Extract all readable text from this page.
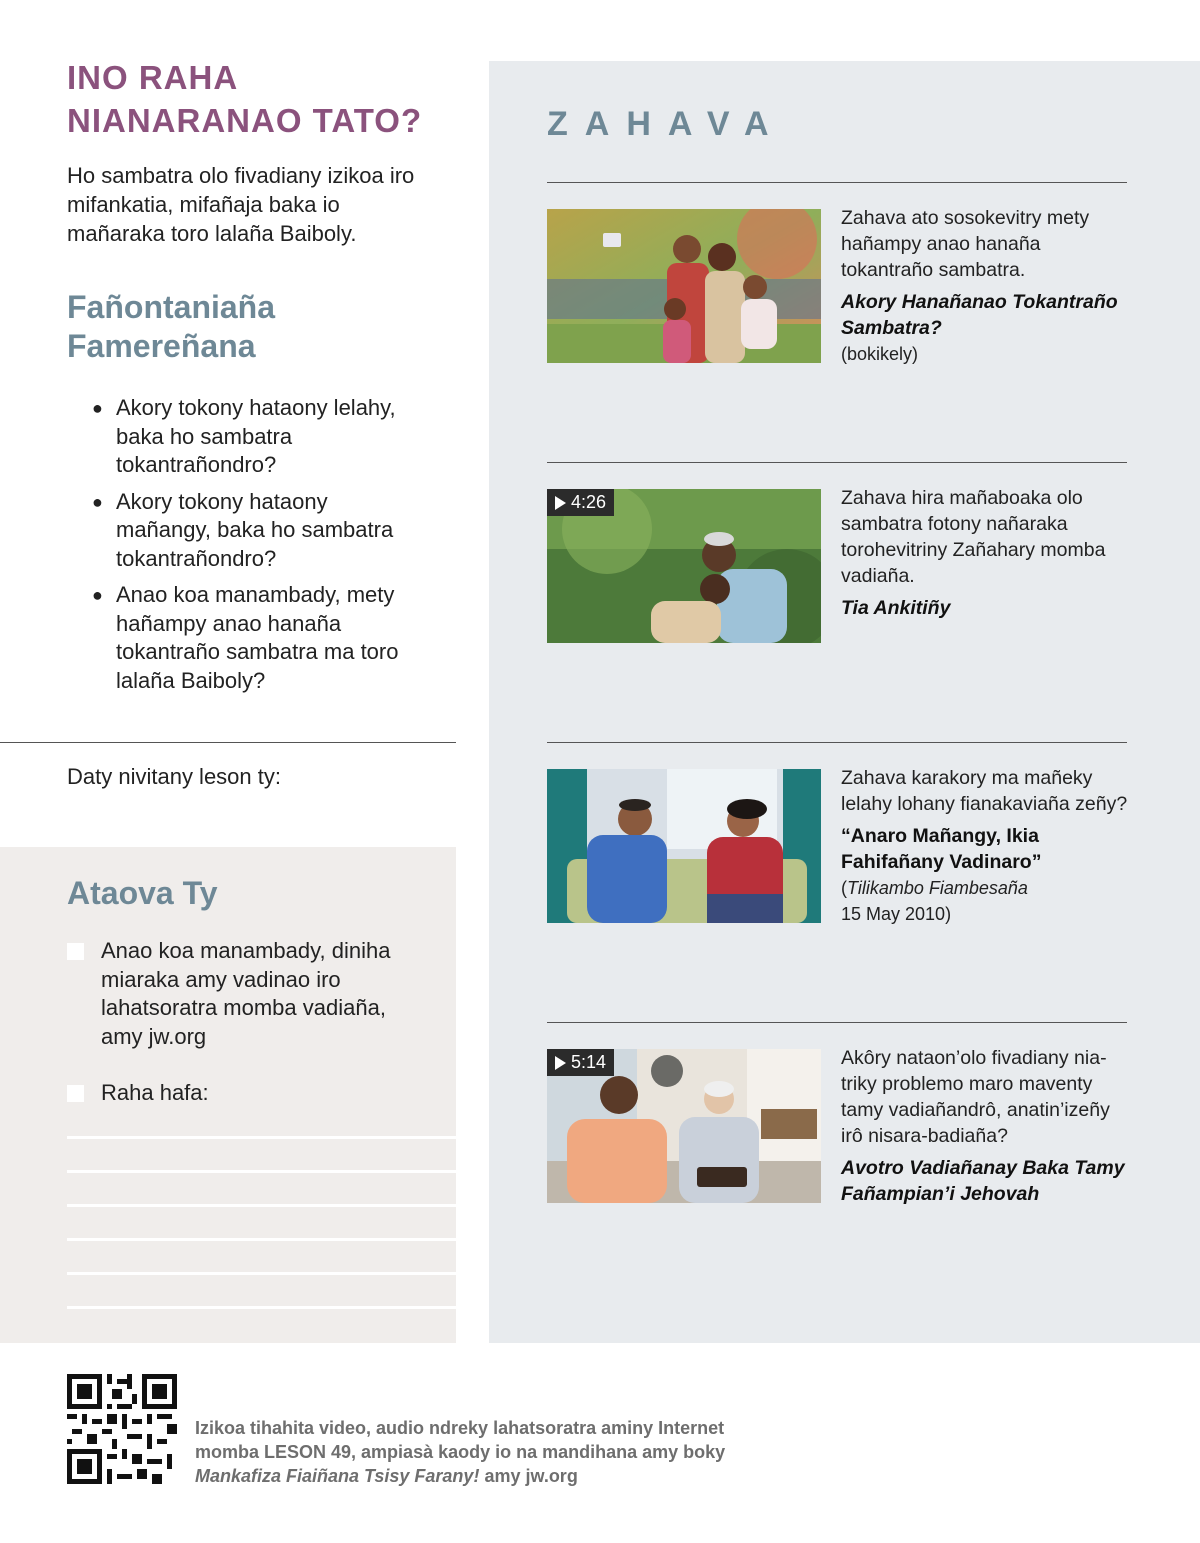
INO RAHA
NIANARANAO TATO?

Ho sambatra olo fivadiany izikoa iro mifankatia, mifañaja baka io mañaraka toro lalaña Baiboly.

Fañontaniaña
Famereñana
● Akory tokony hataony lelahy, baka ho sambatra tokantrañondro?
● Akory tokony hataony mañangy, baka ho sambatra tokantrañondro?
● Anao koa manambady, mety hañampy anao hanaña tokantraño sambatra ma toro lalaña Baiboly?
Daty nivitany leson ty:
Ataova Ty
Anao koa manambady, diniha miaraka amy vadinao iro lahatsoratra momba vadiaña, amy jw.org
Raha hafa:
ZAHAVA

Zahava ato sosokevitry mety hañampy anao hanaña tokantraño sambatra.

Akory Hanañanao Tokantraño Sambatra?

(bokikely)

4:26	Zahava hira mañaboaka olo sambatra fotony nañaraka torohevitriny Zañahary momba vadiaña.

Tia Ankitiñy

Zahava karakory ma mañeky lelahy lohany fianakaviaña zeñy?

“Anaro Mañangy, Ikia Fahifañany Vadinaro”

(Tilikambo Fiambesaña
15 May 2010)

5:14	Akôry nataon’olo fivadiany nia-triky problemo maro maventy tamy vadiañandrô, anatin’izeñy irô nisara-badiaña?

Avotro Vadiañanay Baka Tamy Fañampian’i Jehovah

Izikoa tihahita video, audio ndreky lahatsoratra aminy Internet
momba LESON 49, ampiasà kaody io na mandihana amy boky
Mankafiza Fiaiñana Tsisy Farany! amy jw.org
